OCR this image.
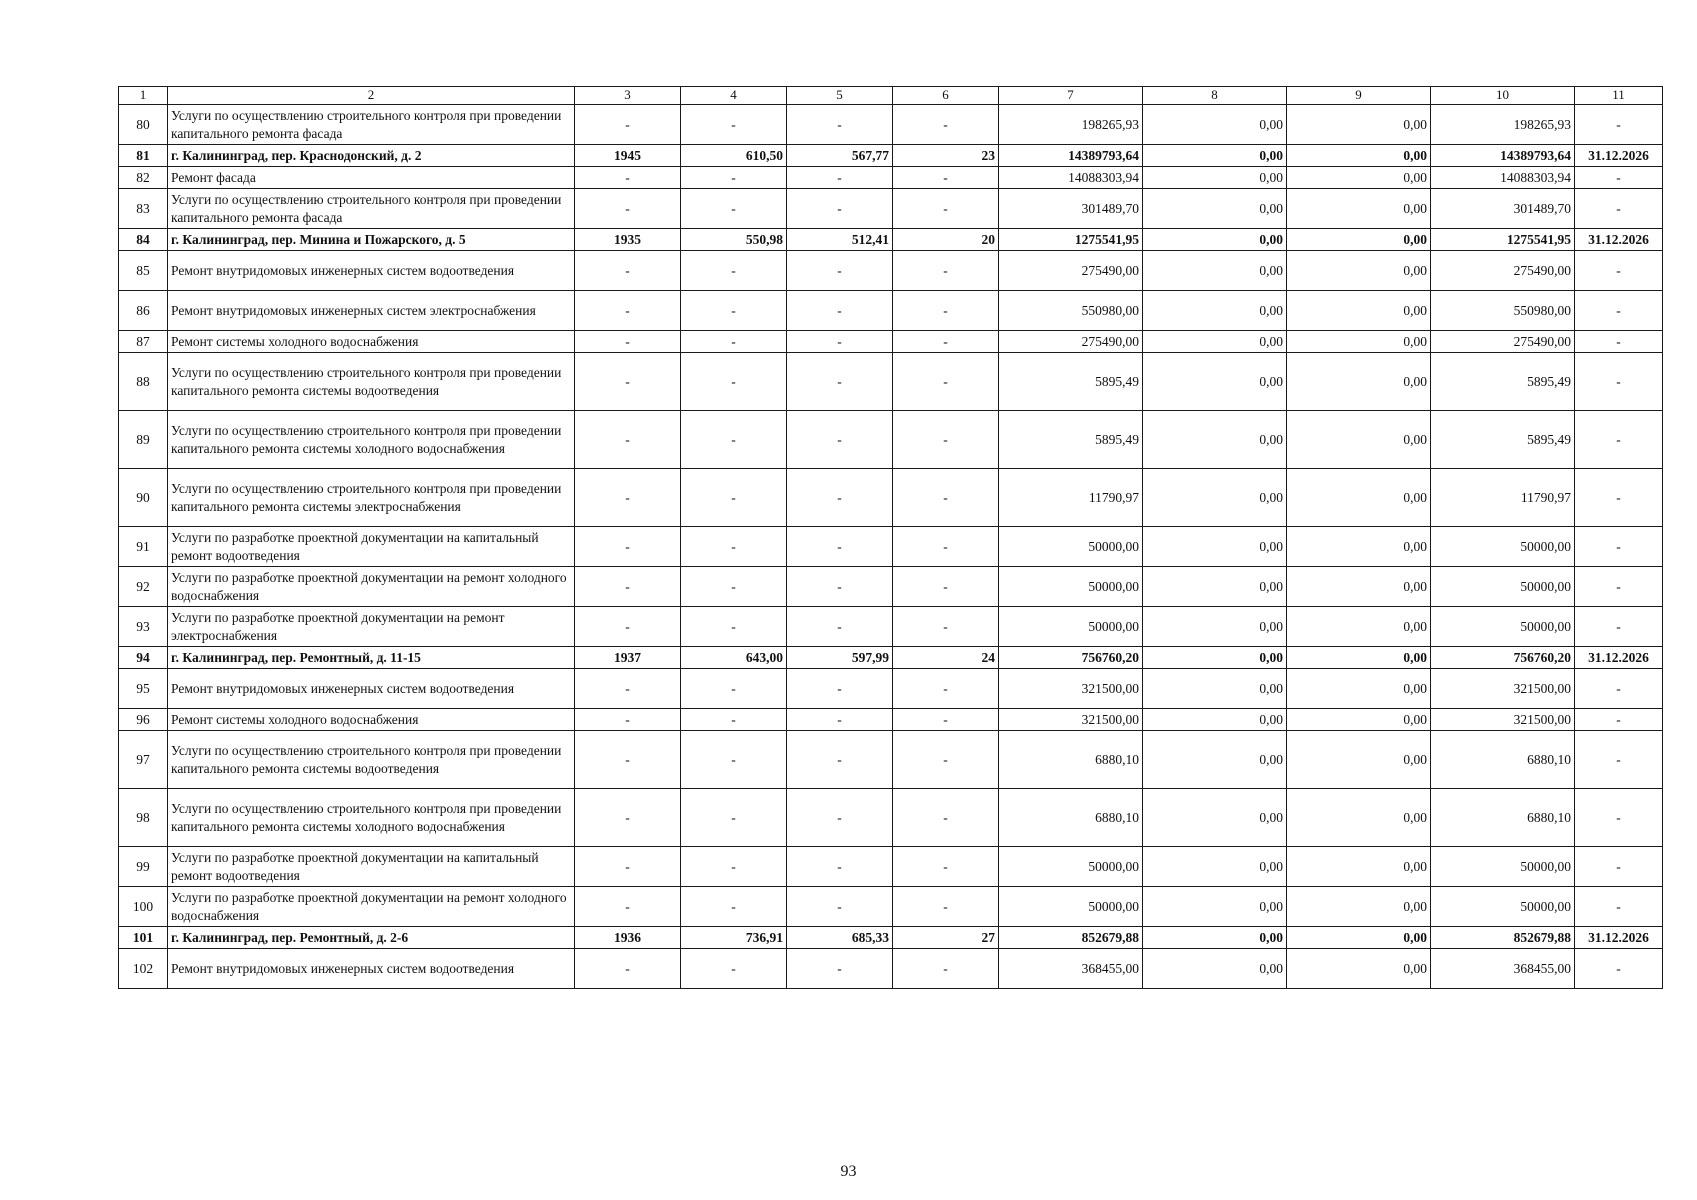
1	2	3	4	5	6	7	8	9	10	11
80	Услуги по осуществлению строительного контроля при проведении капитального ремонта фасада	-	-	-	-	198265,93	0,00	0,00	198265,93	-
81	г. Калининград, пер. Краснодонский, д. 2	1945	610,50	567,77	23	14389793,64	0,00	0,00	14389793,64	31.12.2026
82	Ремонт фасада	-	-	-	-	14088303,94	0,00	0,00	14088303,94	-
83	Услуги по осуществлению строительного контроля при проведении капитального ремонта фасада	-	-	-	-	301489,70	0,00	0,00	301489,70	-
84	г. Калининград, пер. Минина и Пожарского, д. 5	1935	550,98	512,41	20	1275541,95	0,00	0,00	1275541,95	31.12.2026
85	Ремонт внутридомовых инженерных систем водоотведения	-	-	-	-	275490,00	0,00	0,00	275490,00	-
86	Ремонт внутридомовых инженерных систем электроснабжения	-	-	-	-	550980,00	0,00	0,00	550980,00	-
87	Ремонт системы холодного водоснабжения	-	-	-	-	275490,00	0,00	0,00	275490,00	-
88	Услуги по осуществлению строительного контроля при проведении капитального ремонта системы водоотведения	-	-	-	-	5895,49	0,00	0,00	5895,49	-
89	Услуги по осуществлению строительного контроля при проведении капитального ремонта системы холодного водоснабжения	-	-	-	-	5895,49	0,00	0,00	5895,49	-
90	Услуги по осуществлению строительного контроля при проведении капитального ремонта системы электроснабжения	-	-	-	-	11790,97	0,00	0,00	11790,97	-
91	Услуги по разработке проектной документации на капитальный ремонт водоотведения	-	-	-	-	50000,00	0,00	0,00	50000,00	-
92	Услуги по разработке проектной документации на ремонт холодного водоснабжения	-	-	-	-	50000,00	0,00	0,00	50000,00	-
93	Услуги по разработке проектной документации на ремонт электроснабжения	-	-	-	-	50000,00	0,00	0,00	50000,00	-
94	г. Калининград, пер. Ремонтный, д. 11-15	1937	643,00	597,99	24	756760,20	0,00	0,00	756760,20	31.12.2026
95	Ремонт внутридомовых инженерных систем водоотведения	-	-	-	-	321500,00	0,00	0,00	321500,00	-
96	Ремонт системы холодного водоснабжения	-	-	-	-	321500,00	0,00	0,00	321500,00	-
97	Услуги по осуществлению строительного контроля при проведении капитального ремонта системы водоотведения	-	-	-	-	6880,10	0,00	0,00	6880,10	-
98	Услуги по осуществлению строительного контроля при проведении капитального ремонта системы холодного водоснабжения	-	-	-	-	6880,10	0,00	0,00	6880,10	-
99	Услуги по разработке проектной документации на капитальный ремонт водоотведения	-	-	-	-	50000,00	0,00	0,00	50000,00	-
100	Услуги по разработке проектной документации на ремонт холодного водоснабжения	-	-	-	-	50000,00	0,00	0,00	50000,00	-
101	г. Калининград, пер. Ремонтный, д. 2-6	1936	736,91	685,33	27	852679,88	0,00	0,00	852679,88	31.12.2026
102	Ремонт внутридомовых инженерных систем водоотведения	-	-	-	-	368455,00	0,00	0,00	368455,00	-
93
